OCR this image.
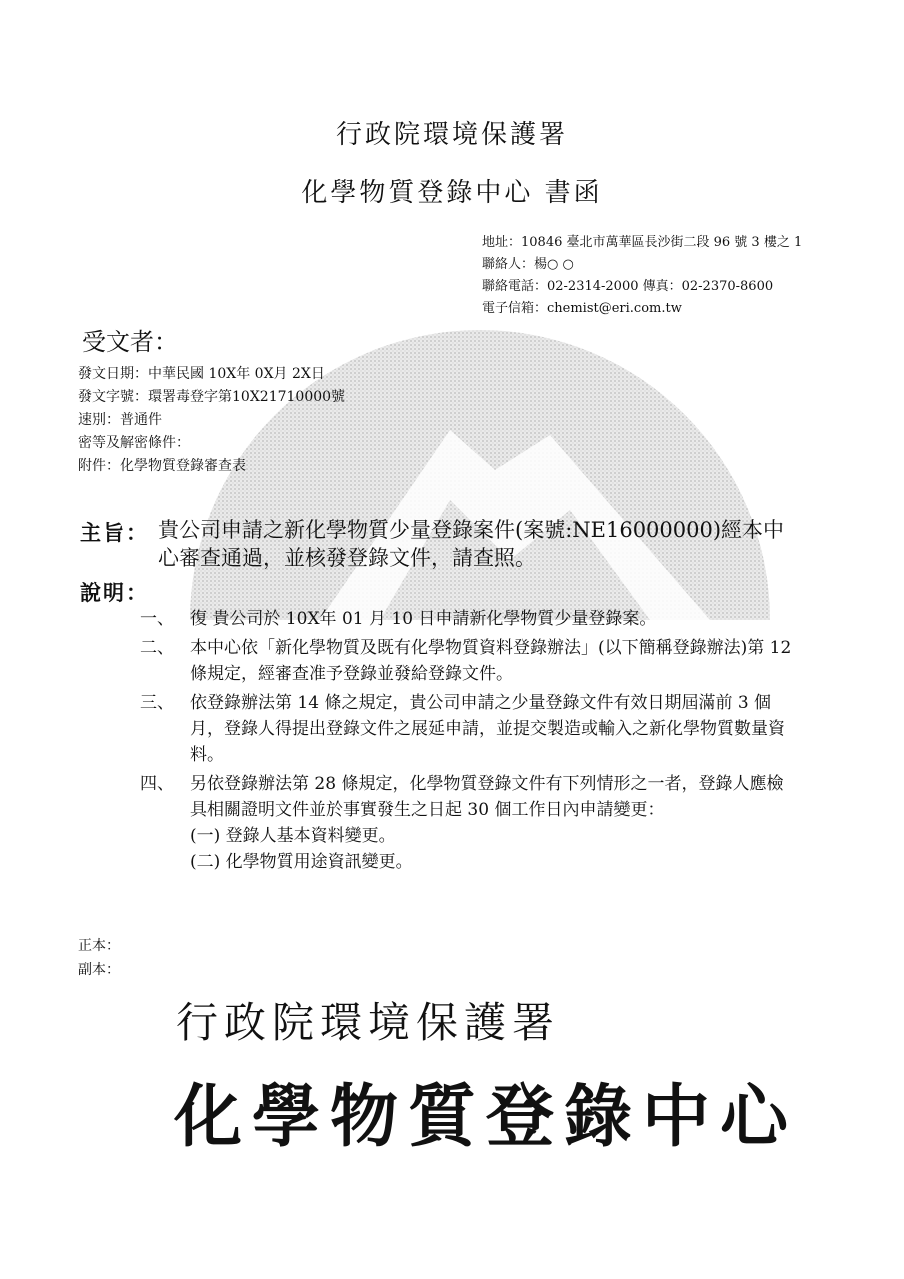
行政院環境保護署
化學物質登錄中心 書函
地址：10846 臺北市萬華區長沙街二段 96 號 3 樓之 1
聯絡人：楊○ ○
聯絡電話：02-2314-2000 傳真：02-2370-8600
電子信箱：chemist@eri.com.tw
受文者：
發文日期：中華民國 10X年 0X月 2X日
發文字號：環署毒登字第10X21710000號
速別：普通件
密等及解密條件：
附件：化學物質登錄審查表
主旨： 貴公司申請之新化學物質少量登錄案件(案號:NE16000000)經本中心審查通過，並核發登錄文件，請查照。
說明：
一、 復 貴公司於 10X年 01 月 10 日申請新化學物質少量登錄案。
二、 本中心依「新化學物質及既有化學物質資料登錄辦法」(以下簡稱登錄辦法)第 12 條規定，經審查准予登錄並發給登錄文件。
三、 依登錄辦法第 14 條之規定，貴公司申請之少量登錄文件有效日期屆滿前 3 個月，登錄人得提出登錄文件之展延申請，並提交製造或輸入之新化學物質數量資料。
四、 另依登錄辦法第 28 條規定，化學物質登錄文件有下列情形之一者，登錄人應檢具相關證明文件並於事實發生之日起 30 個工作日內申請變更：
(一) 登錄人基本資料變更。
(二) 化學物質用途資訊變更。
正本：
副本：
行政院環境保護署
化學物質登錄中心
